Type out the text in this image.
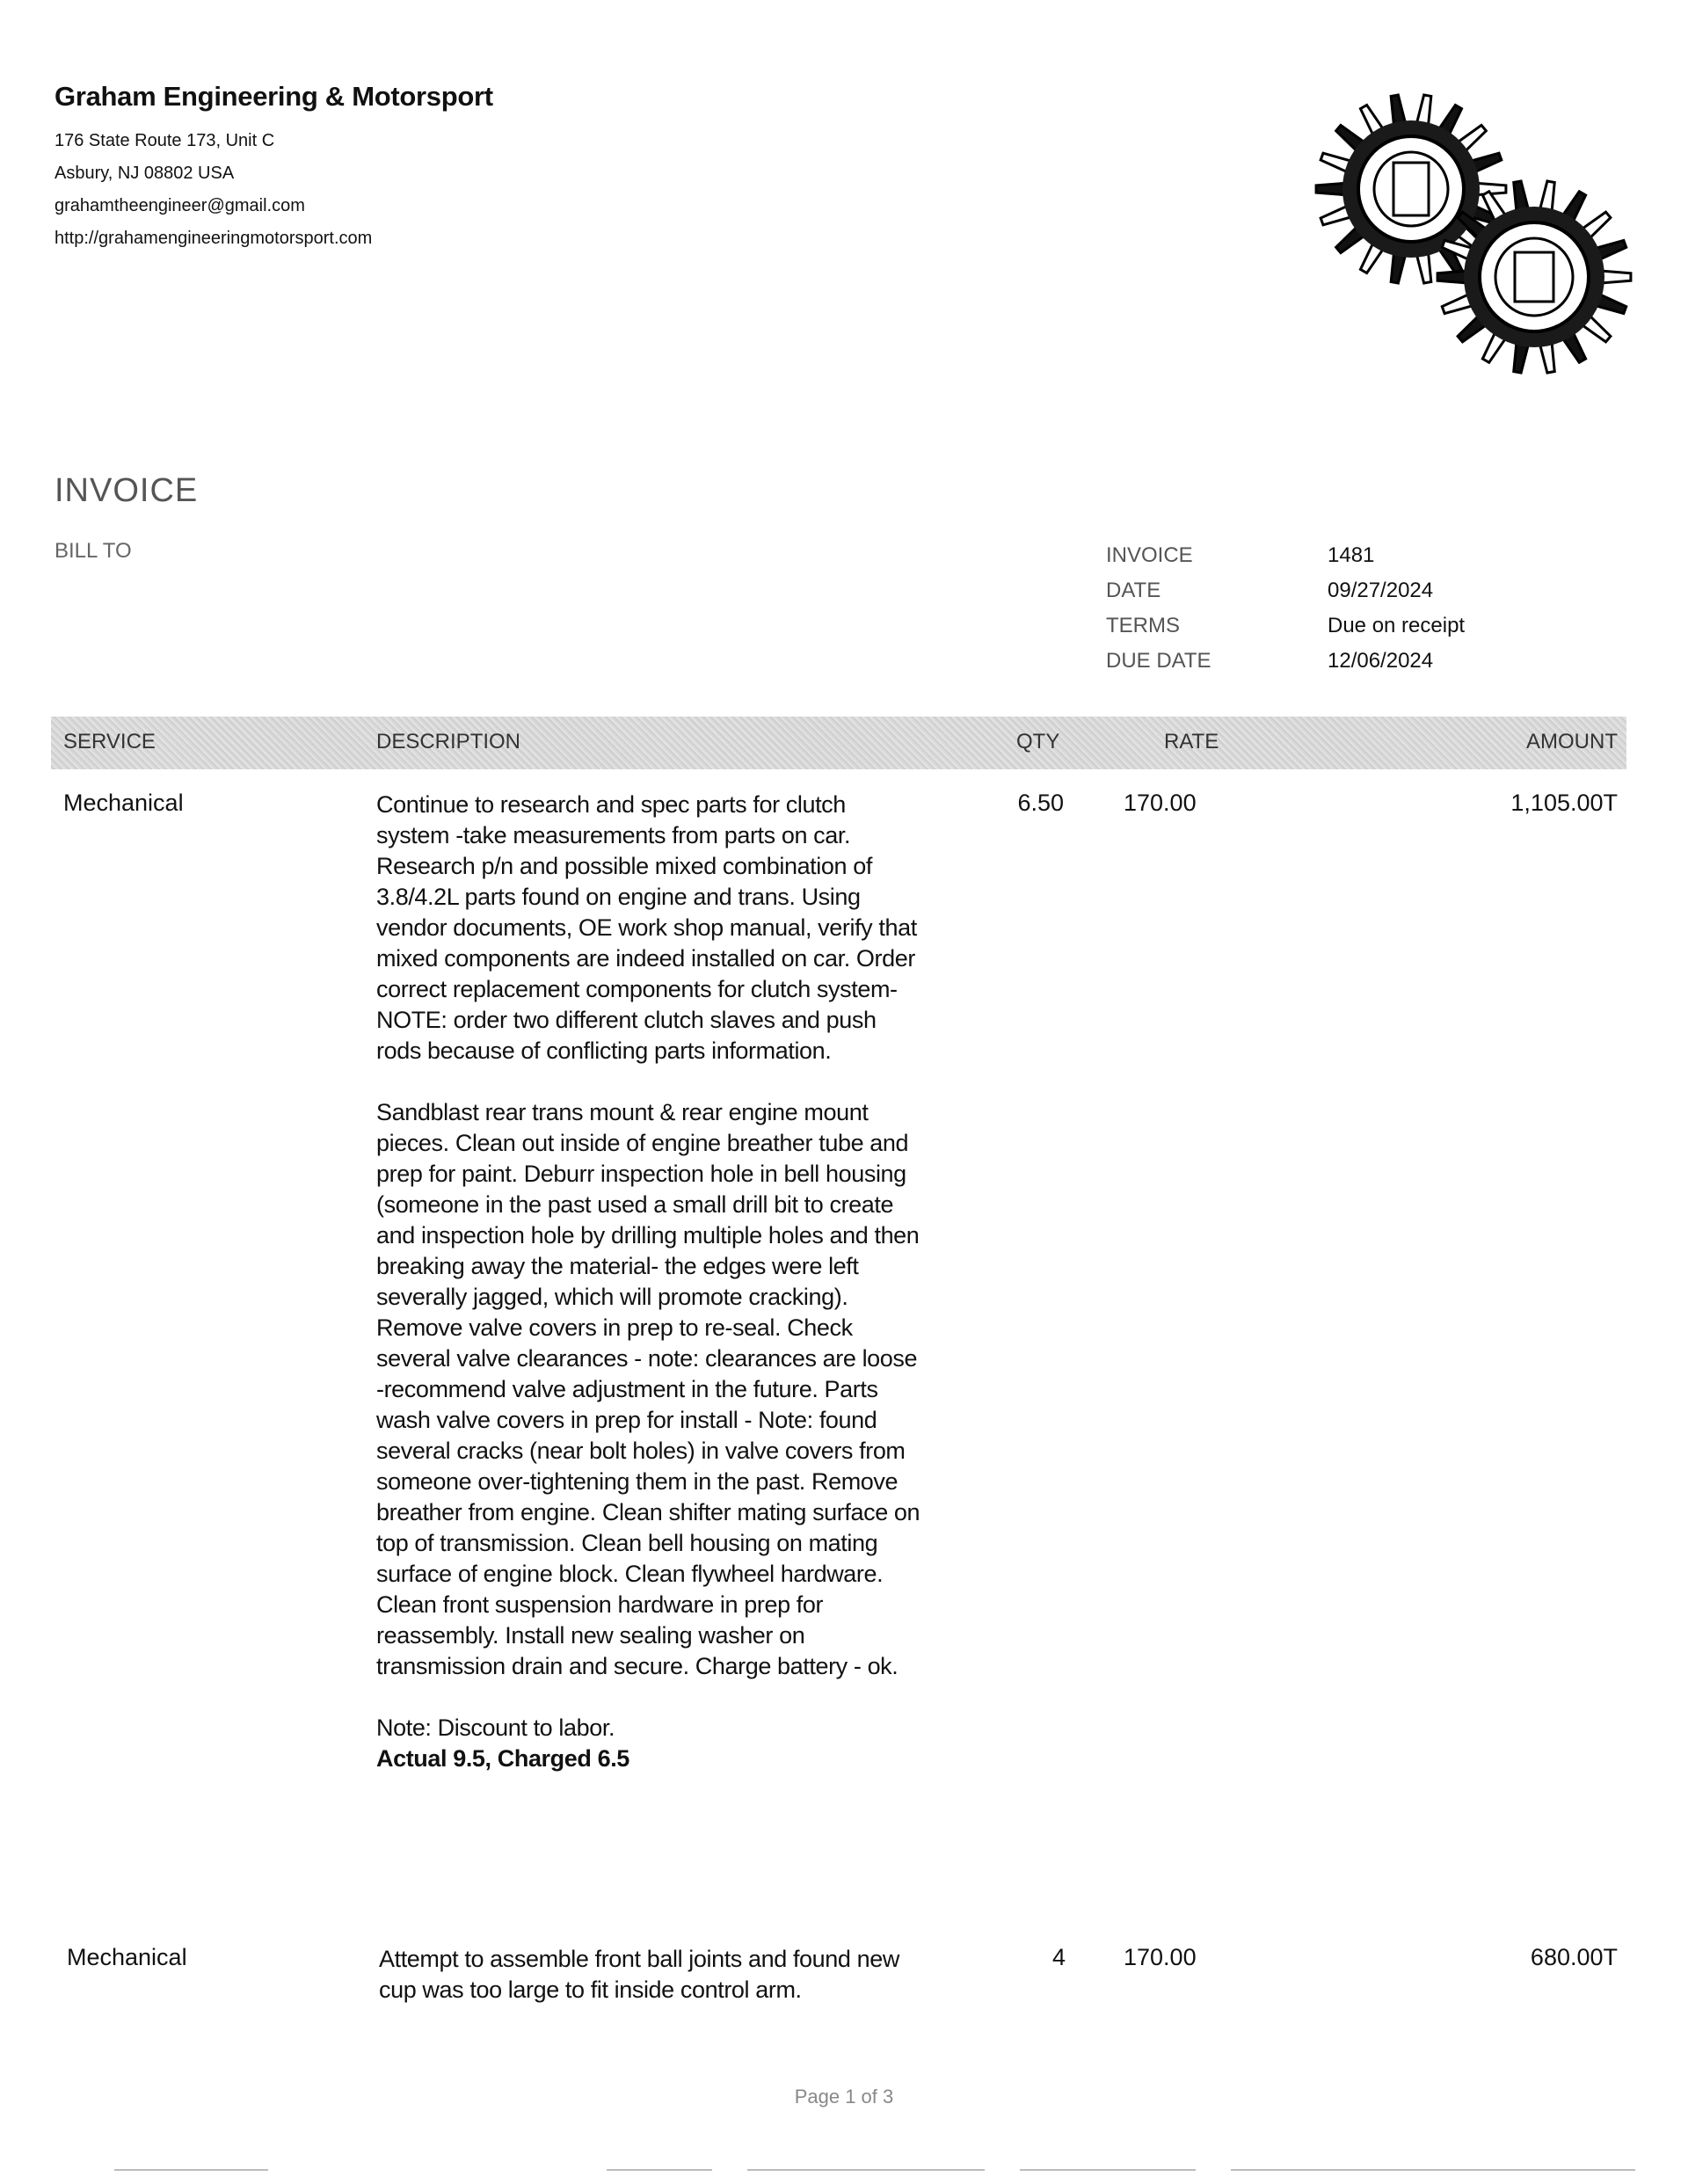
Graham Engineering & Motorsport
176 State Route 173, Unit C
Asbury, NJ 08802 USA
grahamtheengineer@gmail.com
http://grahamengineeringmotorsport.com
INVOICE
BILL TO	INVOICE	1481
DATE	09/27/2024
TERMS	Due on receipt
DUE DATE	12/06/2024
SERVICE	DESCRIPTION	QTY	RATE	AMOUNT
Mechanical	Continue to research and spec parts for clutch system -take measurements from parts on car. Research p/n and possible mixed combination of 3.8/4.2L parts found on engine and trans. Using vendor documents, OE work shop manual, verify that mixed components are indeed installed on car. Order correct replacement components for clutch system- NOTE: order two different clutch slaves and push rods because of conflicting parts information.

Sandblast rear trans mount & rear engine mount pieces. Clean out inside of engine breather tube and prep for paint. Deburr inspection hole in bell housing (someone in the past used a small drill bit to create and inspection hole by drilling multiple holes and then breaking away the material- the edges were left severally jagged, which will promote cracking). Remove valve covers in prep to re-seal. Check several valve clearances - note: clearances are loose -recommend valve adjustment in the future. Parts wash valve covers in prep for install - Note: found several cracks (near bolt holes) in valve covers from someone over-tightening them in the past. Remove breather from engine. Clean shifter mating surface on top of transmission. Clean bell housing on mating surface of engine block. Clean flywheel hardware. Clean front suspension hardware in prep for reassembly. Install new sealing washer on transmission drain and secure. Charge battery - ok.

Note: Discount to labor.
Actual 9.5, Charged 6.5

6.50	170.00	1,105.00T
Mechanical	Attempt to assemble front ball joints and found new cup was too large to fit inside control arm.

4 170.00	680.00T
Page 1 of 3
